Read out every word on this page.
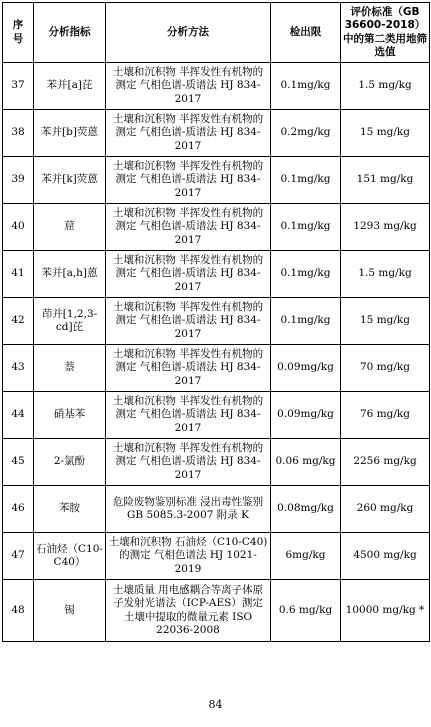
序号	分析指标	分析方法	检出限	评价标准（GB 36600-2018）中的第二类用地筛选值
37	苯并[a]芘	土壤和沉积物 半挥发性有机物的测定 气相色谱-质谱法 HJ 834-2017	0.1mg/kg	1.5 mg/kg
38	苯并[b]荧蒽	土壤和沉积物 半挥发性有机物的测定 气相色谱-质谱法 HJ 834-2017	0.2mg/kg	15 mg/kg
39	苯并[k]荧蒽	土壤和沉积物 半挥发性有机物的测定 气相色谱-质谱法 HJ 834-2017	0.1mg/kg	151 mg/kg
40	䓛	土壤和沉积物 半挥发性有机物的测定 气相色谱-质谱法 HJ 834-2017	0.1mg/kg	1293 mg/kg
41	苯并[a,h]蒽	土壤和沉积物 半挥发性有机物的测定 气相色谱-质谱法 HJ 834-2017	0.1mg/kg	1.5 mg/kg
42	茚并[1,2,3-cd]芘	土壤和沉积物 半挥发性有机物的测定 气相色谱-质谱法 HJ 834-2017	0.1mg/kg	15 mg/kg
43	萘	土壤和沉积物 半挥发性有机物的测定 气相色谱-质谱法 HJ 834-2017	0.09mg/kg	70 mg/kg
44	硝基苯	土壤和沉积物 半挥发性有机物的测定 气相色谱-质谱法 HJ 834-2017	0.09mg/kg	76 mg/kg
45	2-氯酚	土壤和沉积物 半挥发性有机物的测定 气相色谱-质谱法 HJ 834-2017	0.06 mg/kg	2256 mg/kg
46	苯胺	危险废物鉴别标准 浸出毒性鉴别 GB 5085.3-2007 附录 K	0.08mg/kg	260 mg/kg
47	石油烃（C10-C40）	土壤和沉积物 石油烃（C10-C40)的测定 气相色谱法 HJ 1021-2019	6mg/kg	4500 mg/kg
48	锡	土壤质量 用电感耦合等离子体原子发射光谱法（ICP-AES）测定土壤中提取的微量元素 ISO 22036-2008	0.6 mg/kg	10000 mg/kg *
84
